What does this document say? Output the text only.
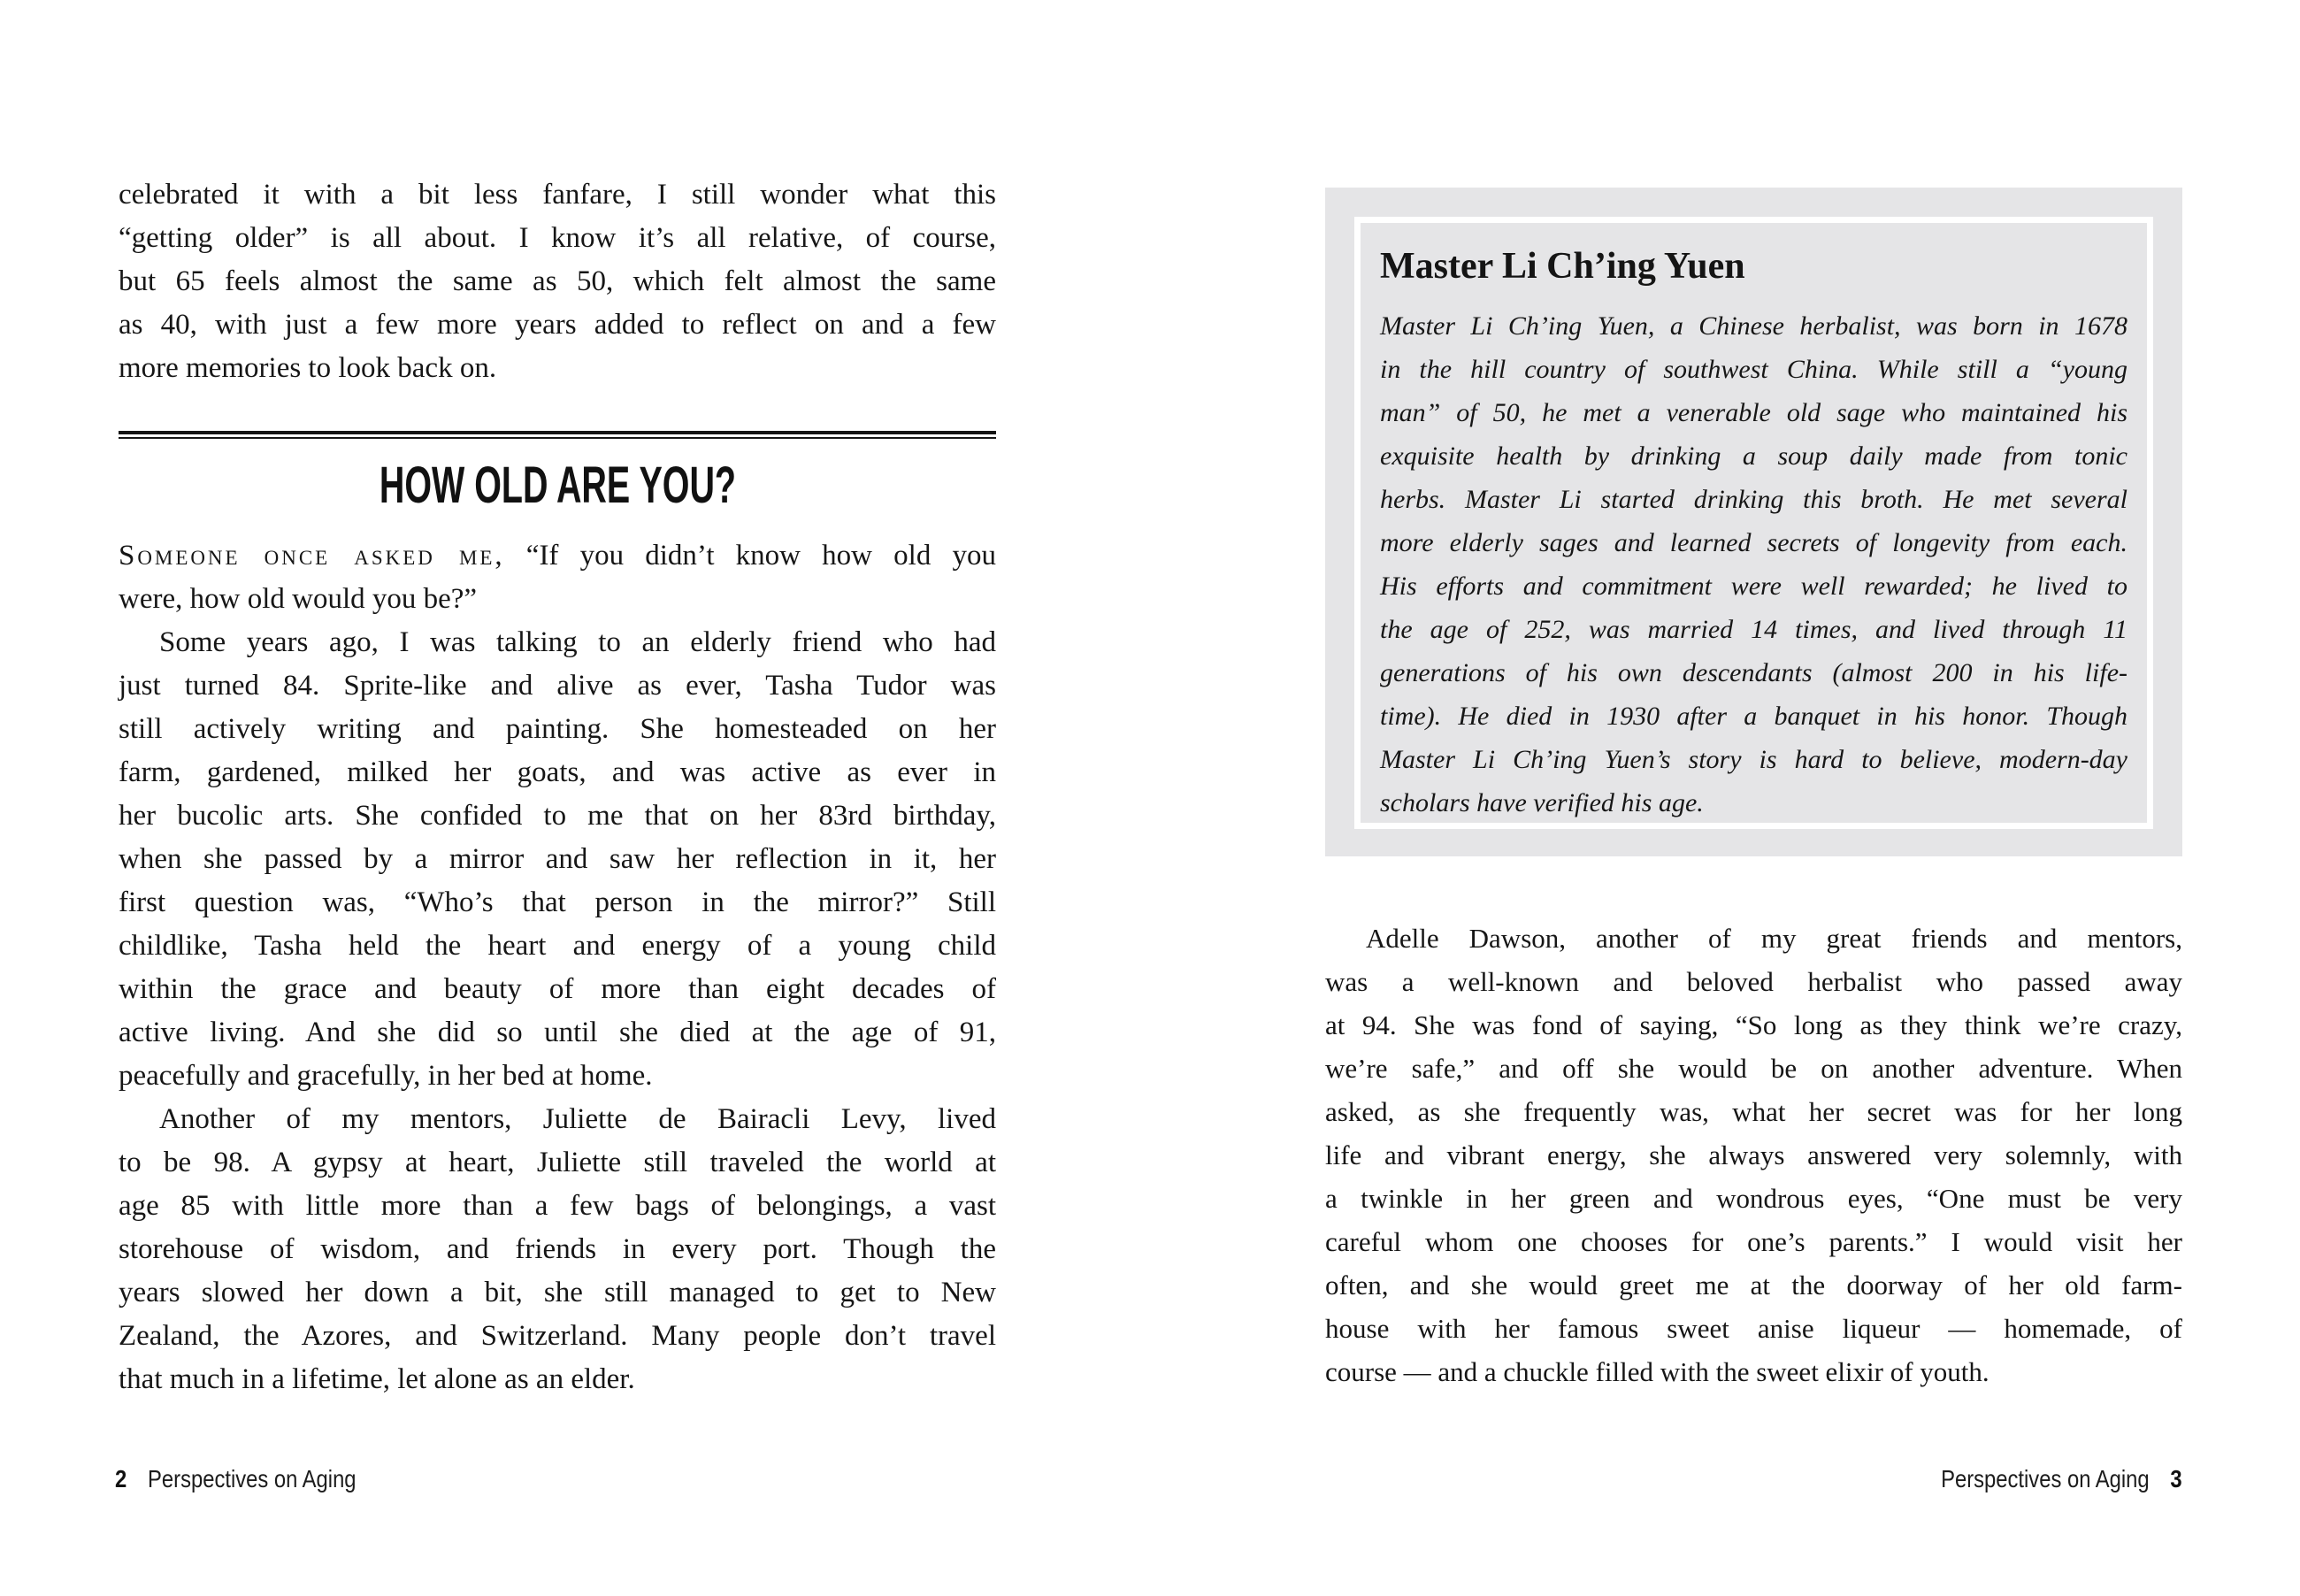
celebrated it with a bit less fanfare, I still wonder what this
“getting older” is all about. I know it’s all relative, of course,
but 65 feels almost the same as 50, which felt almost the same
as 40, with just a few more years added to reflect on and a few
more memories to look back on.
HOW OLD ARE YOU?
Someone once asked me, “If you didn’t know how old you
were, how old would you be?”
Some years ago, I was talking to an elderly friend who had
just turned 84. Sprite-like and alive as ever, Tasha Tudor was
still actively writing and painting. She homesteaded on her
farm, gardened, milked her goats, and was active as ever in
her bucolic arts. She confided to me that on her 83rd birthday,
when she passed by a mirror and saw her reflection in it, her
first question was, “Who’s that person in the mirror?” Still
childlike, Tasha held the heart and energy of a young child
within the grace and beauty of more than eight decades of
active living. And she did so until she died at the age of 91,
peacefully and gracefully, in her bed at home.
Another of my mentors, Juliette de Bairacli Levy, lived
to be 98. A gypsy at heart, Juliette still traveled the world at
age 85 with little more than a few bags of belongings, a vast
storehouse of wisdom, and friends in every port. Though the
years slowed her down a bit, she still managed to get to New
Zealand, the Azores, and Switzerland. Many people don’t travel
that much in a lifetime, let alone as an elder.
2 Perspectives on Aging
Master Li Ch’ing Yuen
Master Li Ch’ing Yuen, a Chinese herbalist, was born in 1678
in the hill country of southwest China. While still a “young
man” of 50, he met a venerable old sage who maintained his
exquisite health by drinking a soup daily made from tonic
herbs. Master Li started drinking this broth. He met several
more elderly sages and learned secrets of longevity from each.
His efforts and commitment were well rewarded; he lived to
the age of 252, was married 14 times, and lived through 11
generations of his own descendants (almost 200 in his life-
time). He died in 1930 after a banquet in his honor. Though
Master Li Ch’ing Yuen’s story is hard to believe, modern-day
scholars have verified his age.
Adelle Dawson, another of my great friends and mentors,
was a well-known and beloved herbalist who passed away
at 94. She was fond of saying, “So long as they think we’re crazy,
we’re safe,” and off she would be on another adventure. When
asked, as she frequently was, what her secret was for her long
life and vibrant energy, she always answered very solemnly, with
a twinkle in her green and wondrous eyes, “One must be very
careful whom one chooses for one’s parents.” I would visit her
often, and she would greet me at the doorway of her old farm-
house with her famous sweet anise liqueur — homemade, of
course — and a chuckle filled with the sweet elixir of youth.
Perspectives on Aging 3
